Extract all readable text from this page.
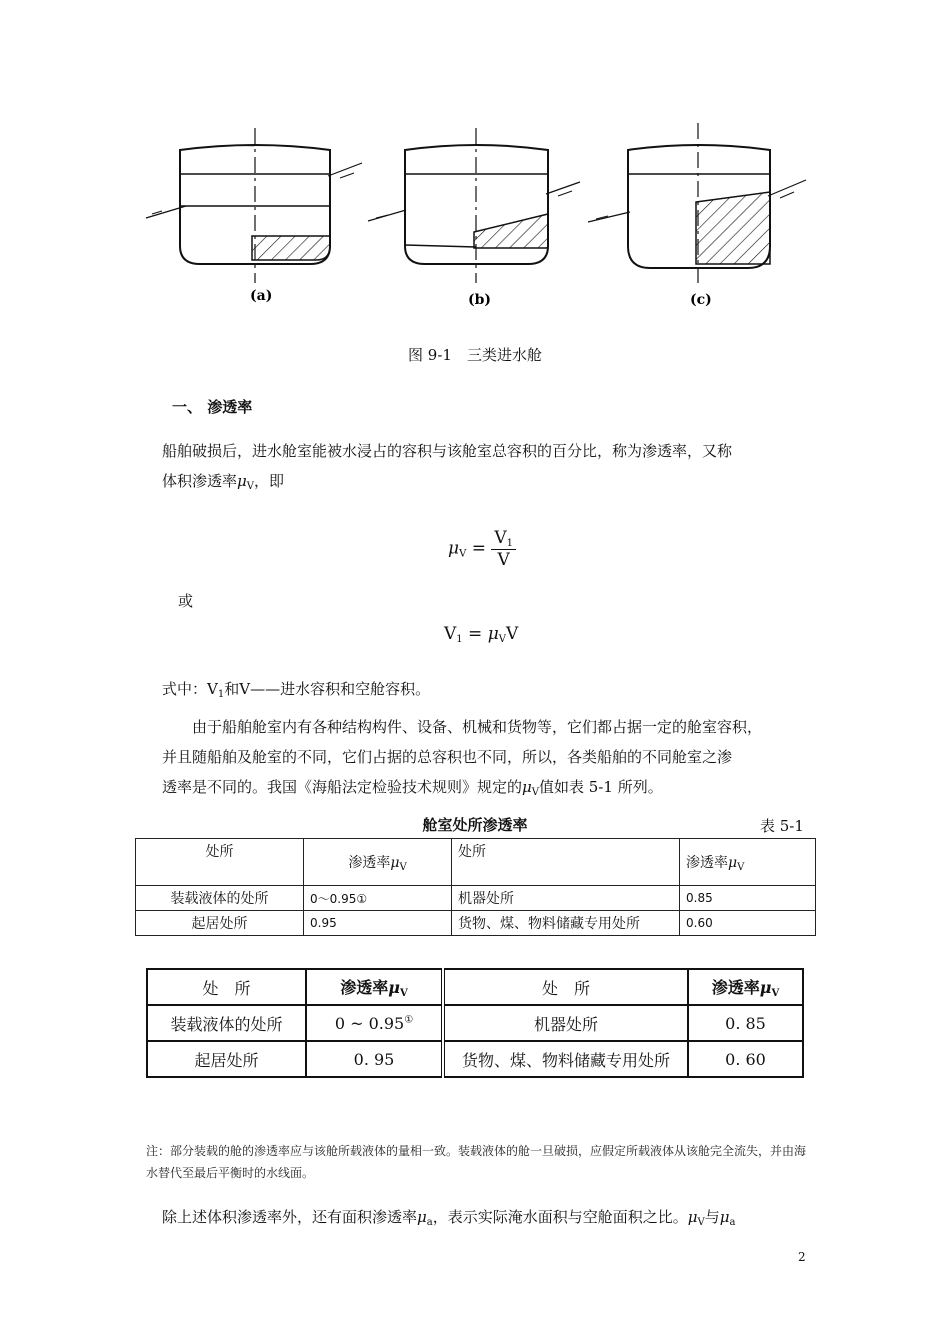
(a)	(b)	(c)
图 9-1　三类进水舱
一、 渗透率
船舶破损后，进水舱室能被水浸占的容积与该舱室总容积的百分比，称为渗透率，又称
体积渗透率$\mu_V$，即
$\mu_V = \frac{V_1}{V}$
或
$V_1 = \mu_VV$
式中：$V_1$和V——进水容积和空舱容积。
由于船舶舱室内有各种结构构件、设备、机械和货物等，它们都占据一定的舱室容积，
并且随船舶及舱室的不同，它们占据的总容积也不同，所以，各类船舶的不同舱室之渗
透率是不同的。我国《海船法定检验技术规则》规定的$\mu_V$值如表 5-1 所列。
舱室处所渗透率	表 5-1
处所	渗透率$\mu_V$	处所	渗透率$\mu_V$
装载液体的处所	0～0.95①	机器处所	0.85
起居处所	0.95	货物、煤、物料储藏专用处所	0.60
处　所	渗透率$\mu_V$	处　所	渗透率$\mu_V$
装载液体的处所	0 ~ 0.95①	机器处所	0. 85
起居处所	0. 95	货物、煤、物料储藏专用处所	0. 60
注：部分装载的舱的渗透率应与该舱所载液体的量相一致。装载液体的舱一旦破损，应假定所载液体从该舱完全流失，并由海水替代至最后平衡时的水线面。
除上述体积渗透率外，还有面积渗透率$\mu_a$，表示实际淹水面积与空舱面积之比。$\mu_V$与$\mu_a$
2
